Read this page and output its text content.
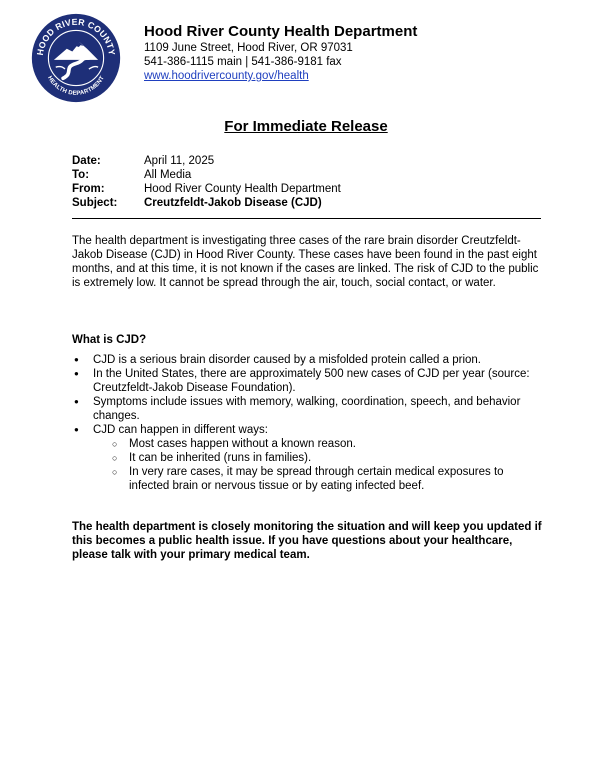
HOOD RIVER COUNTY
HEALTH DEPARTMENT
Hood River County Health Department
1109 June Street, Hood River, OR 97031
541-386-1115 main | 541-386-9181 fax
www.hoodrivercounty.gov/health
For Immediate Release
Date:	April 11, 2025
To:	All Media
From:	Hood River County Health Department
Subject:	Creutzfeldt-Jakob Disease (CJD)

The health department is investigating three cases of the rare brain disorder Creutzfeldt-Jakob Disease (CJD) in Hood River County. These cases have been found in the past eight months, and at this time, it is not known if the cases are linked. The risk of CJD to the public is extremely low. It cannot be spread through the air, touch, social contact, or water.

What is CJD?
● CJD is a serious brain disorder caused by a misfolded protein called a prion.
● In the United States, there are approximately 500 new cases of CJD per year (source: Creutzfeldt-Jakob Disease Foundation).
● Symptoms include issues with memory, walking, coordination, speech, and behavior changes.
● CJD can happen in different ways:
○ Most cases happen without a known reason.
○ It can be inherited (runs in families).
○ In very rare cases, it may be spread through certain medical exposures to infected brain or nervous tissue or by eating infected beef.

The health department is closely monitoring the situation and will keep you updated if this becomes a public health issue. If you have questions about your healthcare, please talk with your primary medical team.
